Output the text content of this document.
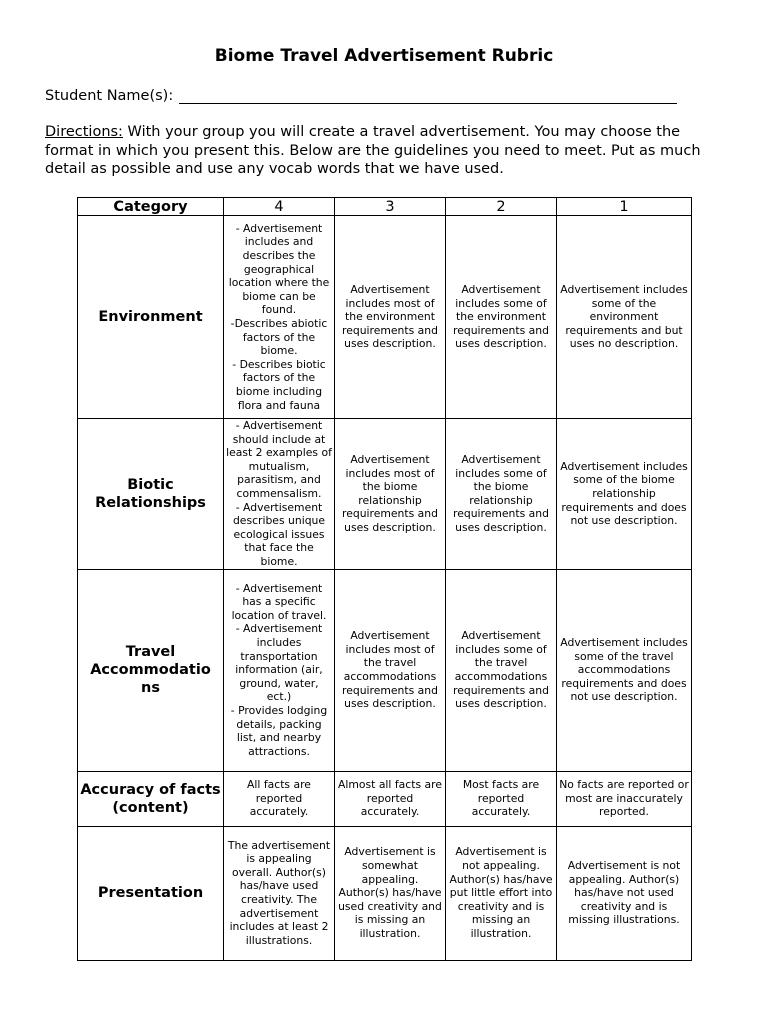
Biome Travel Advertisement Rubric
Student Name(s):
Directions: With your group you will create a travel advertisement. You may choose the format in which you present this. Below are the guidelines you need to meet. Put as much detail as possible and use any vocab words that we have used.
Category	4	3	2	1
Environment	- Advertisement includes and describes the geographical location where the biome can be found.
-Describes abiotic factors of the biome.
- Describes biotic factors of the biome including flora and fauna	Advertisement includes most of the environment requirements and uses description.	Advertisement includes some of the environment requirements and uses description.	Advertisement includes some of the environment requirements and but uses no description.
Biotic Relationships	- Advertisement should include at least 2 examples of mutualism, parasitism, and commensalism.
- Advertisement describes unique ecological issues that face the biome.	Advertisement includes most of the biome relationship requirements and uses description.	Advertisement includes some of the biome relationship requirements and uses description.	Advertisement includes some of the biome relationship requirements and does not use description.
Travel Accommodatio ns	- Advertisement has a specific location of travel.
- Advertisement includes transportation information (air, ground, water, ect.)
- Provides lodging details, packing list, and nearby attractions.	Advertisement includes most of the travel accommodations requirements and uses description.	Advertisement includes some of the travel accommodations requirements and uses description.	Advertisement includes some of the travel accommodations requirements and does not use description.
Accuracy of facts (content)	All facts are reported accurately.	Almost all facts are reported accurately.	Most facts are reported accurately.	No facts are reported or most are inaccurately reported.
Presentation	The advertisement is appealing overall. Author(s) has/have used creativity. The advertisement includes at least 2 illustrations.	Advertisement is somewhat appealing. Author(s) has/have used creativity and is missing an illustration.	Advertisement is not appealing. Author(s) has/have put little effort into creativity and is missing an illustration.	Advertisement is not appealing. Author(s) has/have not used creativity and is missing illustrations.
